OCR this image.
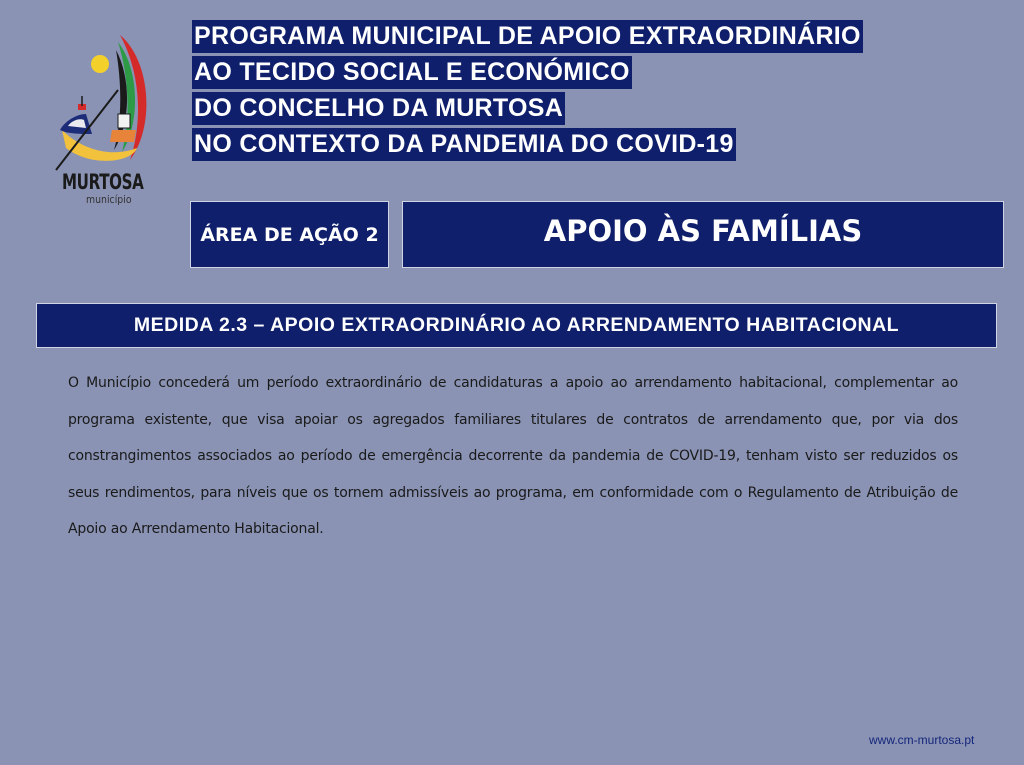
MURTOSA
município
PROGRAMA MUNICIPAL DE APOIO EXTRAORDINÁRIO
AO TECIDO SOCIAL E ECONÓMICO
DO CONCELHO DA MURTOSA
NO CONTEXTO DA PANDEMIA DO COVID-19
ÁREA DE AÇÃO 2	APOIO ÀS FAMÍLIAS
MEDIDA 2.3 – APOIO EXTRAORDINÁRIO AO ARRENDAMENTO HABITACIONAL
O Município concederá um período extraordinário de candidaturas a apoio ao arrendamento habitacional, complementar ao programa existente, que visa apoiar os agregados familiares titulares de contratos de arrendamento que, por via dos constrangimentos associados ao período de emergência decorrente da pandemia de COVID-19, tenham visto ser reduzidos os seus rendimentos, para níveis que os tornem admissíveis ao programa, em conformidade com o Regulamento de Atribuição de Apoio ao Arrendamento Habitacional.
www.cm-murtosa.pt
